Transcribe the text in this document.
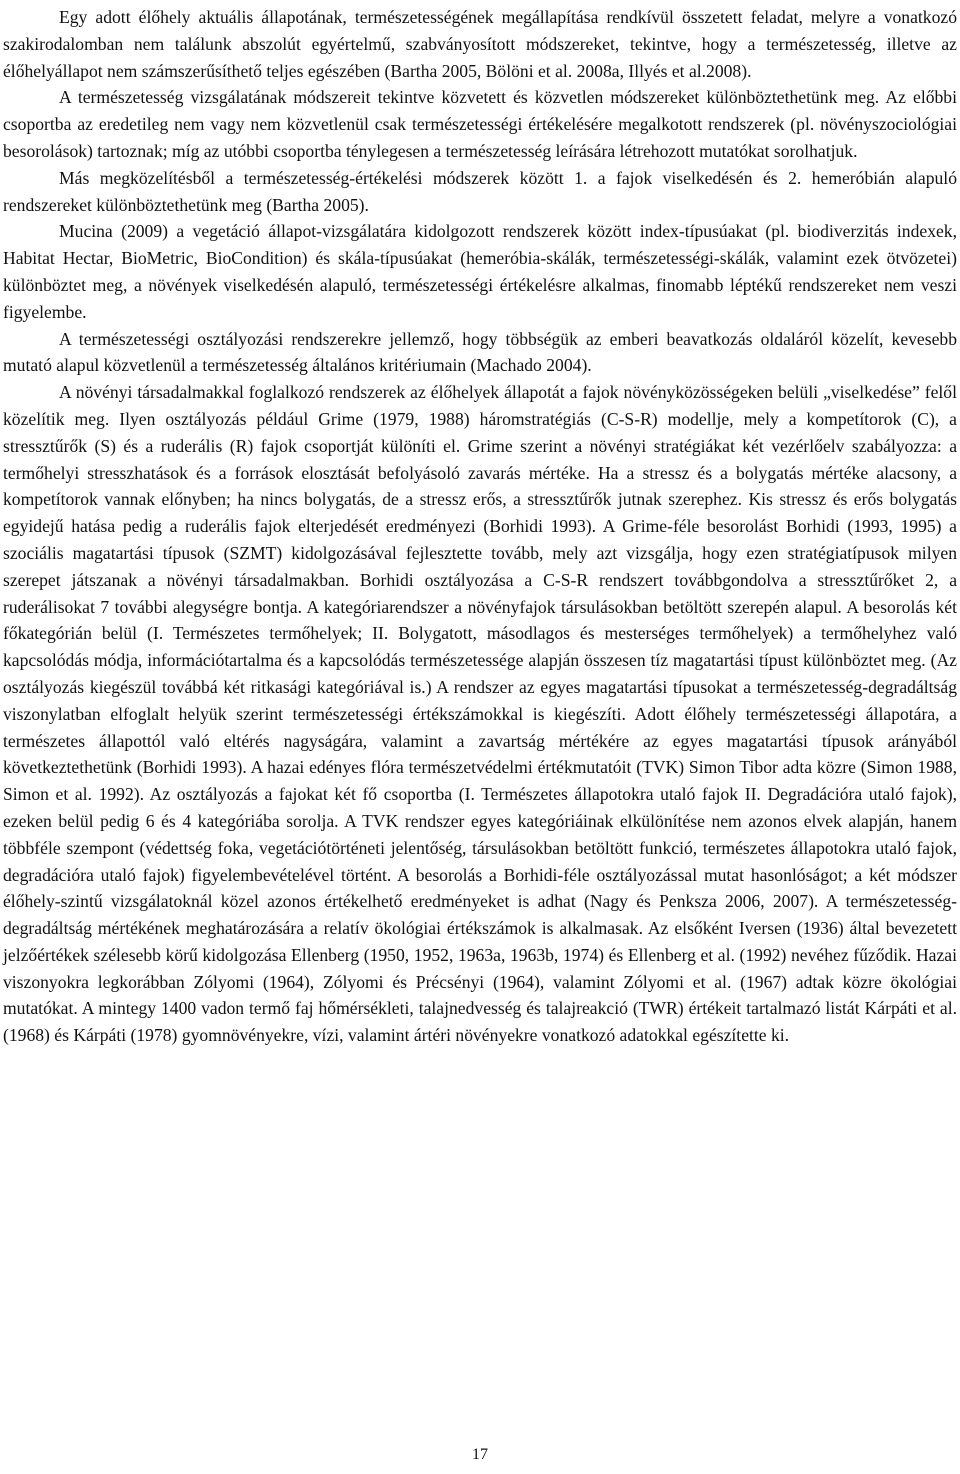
Egy adott élőhely aktuális állapotának, természetességének megállapítása rendkívül összetett feladat, melyre a vonatkozó szakirodalomban nem találunk abszolút egyértelmű, szabványosított módszereket, tekintve, hogy a természetesség, illetve az élőhelyállapot nem számszerűsíthető teljes egészében (Bartha 2005, Bölöni et al. 2008a, Illyés et al.2008).

A természetesség vizsgálatának módszereit tekintve közvetett és közvetlen módszereket különböztethetünk meg. Az előbbi csoportba az eredetileg nem vagy nem közvetlenül csak természetességi értékelésére megalkotott rendszerek (pl. növényszociológiai besorolások) tartoznak; míg az utóbbi csoportba ténylegesen a természetesség leírására létrehozott mutatókat sorolhatjuk.

Más megközelítésből a természetesség-értékelési módszerek között 1. a fajok viselkedésén és 2. hemeróbián alapuló rendszereket különböztethetünk meg (Bartha 2005).

Mucina (2009) a vegetáció állapot-vizsgálatára kidolgozott rendszerek között index-típusúakat (pl. biodiverzitás indexek, Habitat Hectar, BioMetric, BioCondition) és skála-típusúakat (hemeróbia-skálák, természetességi-skálák, valamint ezek ötvözetei) különböztet meg, a növények viselkedésén alapuló, természetességi értékelésre alkalmas, finomabb léptékű rendszereket nem veszi figyelembe.

A természetességi osztályozási rendszerekre jellemző, hogy többségük az emberi beavatkozás oldaláról közelít, kevesebb mutató alapul közvetlenül a természetesség általános kritériumain (Machado 2004).

A növényi társadalmakkal foglalkozó rendszerek az élőhelyek állapotát a fajok növényközösségeken belüli „viselkedése” felől közelítik meg. Ilyen osztályozás például Grime (1979, 1988) háromstratégiás (C-S-R) modellje, mely a kompetítorok (C), a stressztűrők (S) és a ruderális (R) fajok csoportját különíti el. Grime szerint a növényi stratégiákat két vezérlőelv szabályozza: a termőhelyi stresszhatások és a források elosztását befolyásoló zavarás mértéke. Ha a stressz és a bolygatás mértéke alacsony, a kompetítorok vannak előnyben; ha nincs bolygatás, de a stressz erős, a stressztűrők jutnak szerephez. Kis stressz és erős bolygatás egyidejű hatása pedig a ruderális fajok elterjedését eredményezi (Borhidi 1993). A Grime-féle besorolást Borhidi (1993, 1995) a szociális magatartási típusok (SZMT) kidolgozásával fejlesztette tovább, mely azt vizsgálja, hogy ezen stratégiatípusok milyen szerepet játszanak a növényi társadalmakban. Borhidi osztályozása a C-S-R rendszert továbbgondolva a stressztűrőket 2, a ruderálisokat 7 további alegységre bontja. A kategóriarendszer a növényfajok társulásokban betöltött szerepén alapul. A besorolás két főkategórián belül (I. Természetes termőhelyek; II. Bolygatott, másodlagos és mesterséges termőhelyek) a termőhelyhez való kapcsolódás módja, információtartalma és a kapcsolódás természetessége alapján összesen tíz magatartási típust különböztet meg. (Az osztályozás kiegészül továbbá két ritkasági kategóriával is.) A rendszer az egyes magatartási típusokat a természetesség-degradáltság viszonylatban elfoglalt helyük szerint természetességi értékszámokkal is kiegészíti. Adott élőhely természetességi állapotára, a természetes állapottól való eltérés nagyságára, valamint a zavartság mértékére az egyes magatartási típusok arányából következtethetünk (Borhidi 1993). A hazai edényes flóra természetvédelmi értékmutatóit (TVK) Simon Tibor adta közre (Simon 1988, Simon et al. 1992). Az osztályozás a fajokat két fő csoportba (I. Természetes állapotokra utaló fajok II. Degradációra utaló fajok), ezeken belül pedig 6 és 4 kategóriába sorolja. A TVK rendszer egyes kategóriáinak elkülönítése nem azonos elvek alapján, hanem többféle szempont (védettség foka, vegetációtörténeti jelentőség, társulásokban betöltött funkció, természetes állapotokra utaló fajok, degradációra utaló fajok) figyelembevételével történt. A besorolás a Borhidi-féle osztályozással mutat hasonlóságot; a két módszer élőhely-szintű vizsgálatoknál közel azonos értékelhető eredményeket is adhat (Nagy és Penksza 2006, 2007). A természetesség-degradáltság mértékének meghatározására a relatív ökológiai értékszámok is alkalmasak. Az elsőként Iversen (1936) által bevezetett jelzőértékek szélesebb körű kidolgozása Ellenberg (1950, 1952, 1963a, 1963b, 1974) és Ellenberg et al. (1992) nevéhez fűződik. Hazai viszonyokra legkorábban Zólyomi (1964), Zólyomi és Précsényi (1964), valamint Zólyomi et al. (1967) adtak közre ökológiai mutatókat. A mintegy 1400 vadon termő faj hőmérsékleti, talajnedvesség és talajreakció (TWR) értékeit tartalmazó listát Kárpáti et al. (1968) és Kárpáti (1978) gyomnövényekre, vízi, valamint ártéri növényekre vonatkozó adatokkal egészítette ki.

17
